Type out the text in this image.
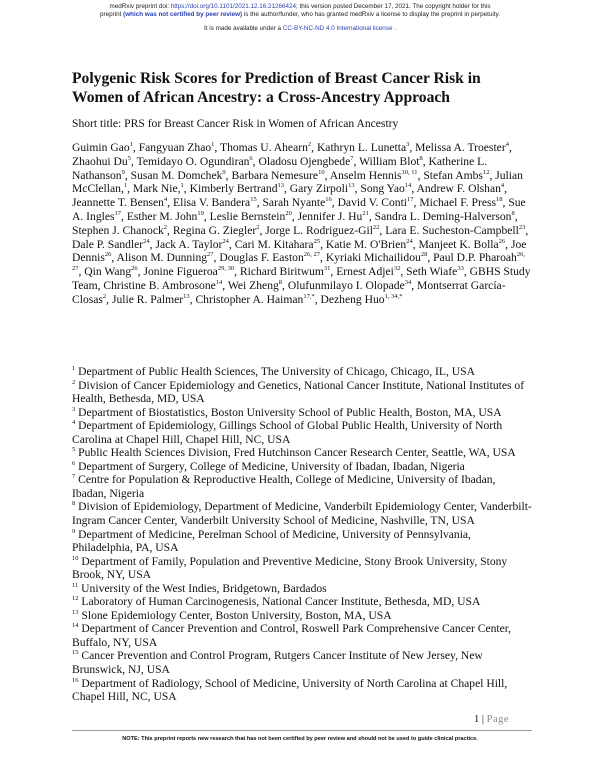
medRxiv preprint doi: https://doi.org/10.1101/2021.12.16.21266424; this version posted December 17, 2021. The copyright holder for this
preprint (which was not certified by peer review) is the author/funder, who has granted medRxiv a license to display the preprint in perpetuity.
It is made available under a CC-BY-NC-ND 4.0 International license .
Polygenic Risk Scores for Prediction of Breast Cancer Risk in Women of African Ancestry: a Cross-Ancestry Approach
Short title: PRS for Breast Cancer Risk in Women of African Ancestry
Guimin Gao$^1$, Fangyuan Zhao$^1$, Thomas U. Ahearn$^2$, Kathryn L. Lunetta$^3$, Melissa A. Troester$^4$, Zhaohui Du$^5$, Temidayo O. Ogundiran$^6$, Oladosu Ojengbede$^7$, William Blot$^8$, Katherine L. Nathanson$^9$, Susan M. Domchek$^9$, Barbara Nemesure$^{10}$, Anselm Hennis$^{10, 11}$, Stefan Ambs$^{12}$, Julian McClellan,$^1$, Mark Nie,$^1$, Kimberly Bertrand$^{13}$, Gary Zirpoli$^{13}$, Song Yao$^{14}$, Andrew F. Olshan$^4$, Jeannette T. Bensen$^4$, Elisa V. Bandera$^{15}$, Sarah Nyante$^{16}$, David V. Conti$^{17}$, Michael F. Press$^{18}$, Sue A. Ingles$^{17}$, Esther M. John$^{19}$, Leslie Bernstein$^{20}$, Jennifer J. Hu$^{21}$, Sandra L. Deming-Halverson$^8$, Stephen J. Chanock$^2$, Regina G. Ziegler$^2$, Jorge L. Rodriguez-Gil$^{22}$, Lara E. Sucheston-Campbell$^{23}$, Dale P. Sandler$^{24}$, Jack A. Taylor$^{24}$, Cari M. Kitahara$^{25}$, Katie M. O'Brien$^{24}$, Manjeet K. Bolla$^{26}$, Joe Dennis$^{26}$, Alison M. Dunning$^{27}$, Douglas F. Easton$^{26, 27}$, Kyriaki Michailidou$^{28}$, Paul D.P. Pharoah$^{26, 27}$, Qin Wang$^{26}$, Jonine Figueroa$^{29, 30}$, Richard Biritwum$^{31}$, Ernest Adjei$^{32}$, Seth Wiafe$^{33}$, GBHS Study Team, Christine B. Ambrosone$^{14}$, Wei Zheng$^8$, Olufunmilayo I. Olopade$^{34}$, Montserrat García-Closas$^2$, Julie R. Palmer$^{13}$, Christopher A. Haiman$^{17,*}$, Dezheng Huo$^{1, 34,*}$

$^1$ Department of Public Health Sciences, The University of Chicago, Chicago, IL, USA

$^2$ Division of Cancer Epidemiology and Genetics, National Cancer Institute, National Institutes of Health, Bethesda, MD, USA

$^3$ Department of Biostatistics, Boston University School of Public Health, Boston, MA, USA

$^4$ Department of Epidemiology, Gillings School of Global Public Health, University of North Carolina at Chapel Hill, Chapel Hill, NC, USA

$^5$ Public Health Sciences Division, Fred Hutchinson Cancer Research Center, Seattle, WA, USA

$^6$ Department of Surgery, College of Medicine, University of Ibadan, Ibadan, Nigeria

$^7$ Centre for Population & Reproductive Health, College of Medicine, University of Ibadan, Ibadan, Nigeria

$^8$ Division of Epidemiology, Department of Medicine, Vanderbilt Epidemiology Center, Vanderbilt-Ingram Cancer Center, Vanderbilt University School of Medicine, Nashville, TN, USA

$^9$ Department of Medicine, Perelman School of Medicine, University of Pennsylvania, Philadelphia, PA, USA

$^{10}$ Department of Family, Population and Preventive Medicine, Stony Brook University, Stony Brook, NY, USA

$^{11}$ University of the West Indies, Bridgetown, Bardados

$^{12}$ Laboratory of Human Carcinogenesis, National Cancer Institute, Bethesda, MD, USA

$^{13}$ Slone Epidemiology Center, Boston University, Boston, MA, USA

$^{14}$ Department of Cancer Prevention and Control, Roswell Park Comprehensive Cancer Center, Buffalo, NY, USA

$^{15}$ Cancer Prevention and Control Program, Rutgers Cancer Institute of New Jersey, New Brunswick, NJ, USA

$^{16}$ Department of Radiology, School of Medicine, University of North Carolina at Chapel Hill, Chapel Hill, NC, USA

1 | Page
NOTE: This preprint reports new research that has not been certified by peer review and should not be used to guide clinical practice.
